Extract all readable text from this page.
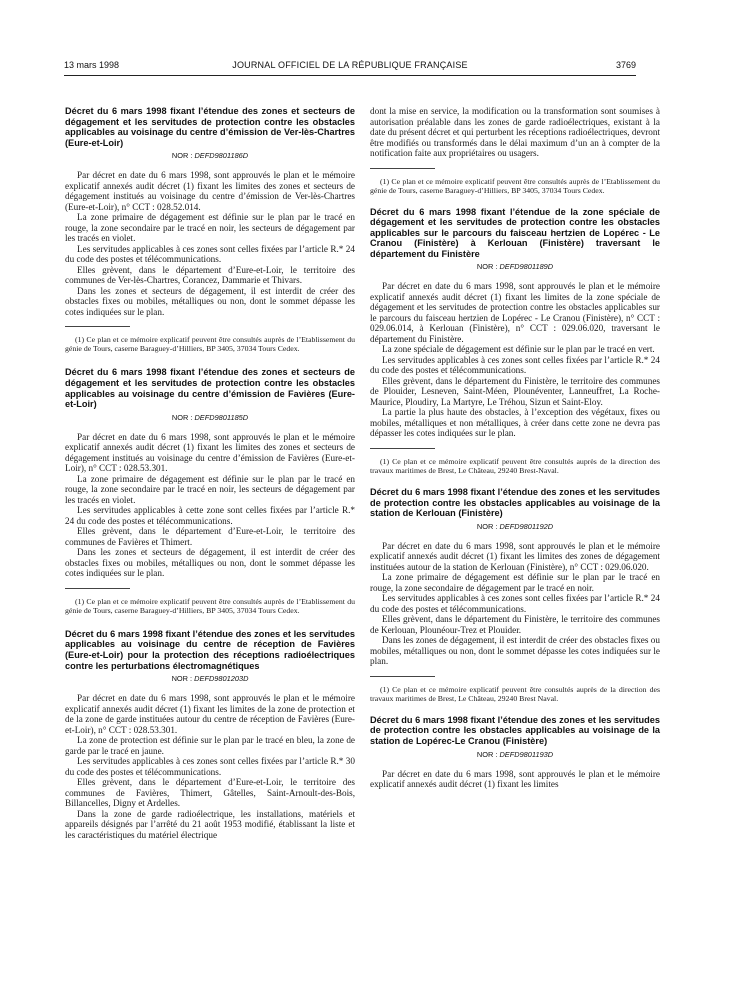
13 mars 1998	JOURNAL OFFICIEL DE LA RÉPUBLIQUE FRANÇAISE	3769

Décret du 6 mars 1998 fixant l’étendue des zones et secteurs de dégagement et les servitudes de protection contre les obstacles applicables au voisinage du centre d’émission de Ver-lès-Chartres (Eure-et-Loir)

NOR : DEFD9801186D

Par décret en date du 6 mars 1998, sont approuvés le plan et le mémoire explicatif annexés audit décret (1) fixant les limites des zones et secteurs de dégagement institués au voisinage du centre d’émission de Ver-lès-Chartres (Eure-et-Loir), n° CCT : 028.52.014.

La zone primaire de dégagement est définie sur le plan par le tracé en rouge, la zone secondaire par le tracé en noir, les secteurs de dégagement par les tracés en violet.

Les servitudes applicables à ces zones sont celles fixées par l’article R.* 24 du code des postes et télécommunications.

Elles grèvent, dans le département d’Eure-et-Loir, le territoire des communes de Ver-lès-Chartres, Corancez, Dammarie et Thivars.

Dans les zones et secteurs de dégagement, il est interdit de créer des obstacles fixes ou mobiles, métalliques ou non, dont le sommet dépasse les cotes indiquées sur le plan.

(1) Ce plan et ce mémoire explicatif peuvent être consultés auprès de l’Etablissement du génie de Tours, caserne Baraguey-d’Hilliers, BP 3405, 37034 Tours Cedex.

Décret du 6 mars 1998 fixant l’étendue des zones et secteurs de dégagement et les servitudes de protection contre les obstacles applicables au voisinage du centre d’émission de Favières (Eure-et-Loir)

NOR : DEFD9801185D

Par décret en date du 6 mars 1998, sont approuvés le plan et le mémoire explicatif annexés audit décret (1) fixant les limites des zones et secteurs de dégagement institués au voisinage du centre d’émission de Favières (Eure-et-Loir), n° CCT : 028.53.301.

La zone primaire de dégagement est définie sur le plan par le tracé en rouge, la zone secondaire par le tracé en noir, les secteurs de dégagement par les tracés en violet.

Les servitudes applicables à cette zone sont celles fixées par l’article R.* 24 du code des postes et télécommunications.

Elles grèvent, dans le département d’Eure-et-Loir, le territoire des communes de Favières et Thimert.

Dans les zones et secteurs de dégagement, il est interdit de créer des obstacles fixes ou mobiles, métalliques ou non, dont le sommet dépasse les cotes indiquées sur le plan.

(1) Ce plan et ce mémoire explicatif peuvent être consultés auprès de l’Etablissement du génie de Tours, caserne Baraguey-d’Hilliers, BP 3405, 37034 Tours Cedex.

Décret du 6 mars 1998 fixant l’étendue des zones et les servitudes applicables au voisinage du centre de réception de Favières (Eure-et-Loir) pour la protection des réceptions radioélectriques contre les perturbations électromagnétiques

NOR : DEFD9801203D

Par décret en date du 6 mars 1998, sont approuvés le plan et le mémoire explicatif annexés audit décret (1) fixant les limites de la zone de protection et de la zone de garde instituées autour du centre de réception de Favières (Eure-et-Loir), n° CCT : 028.53.301.

La zone de protection est définie sur le plan par le tracé en bleu, la zone de garde par le tracé en jaune.

Les servitudes applicables à ces zones sont celles fixées par l’article R.* 30 du code des postes et télécommunications.

Elles grèvent, dans le département d’Eure-et-Loir, le territoire des communes de Favières, Thimert, Gâtelles, Saint-Arnoult-des-Bois, Billancelles, Digny et Ardelles.

Dans la zone de garde radioélectrique, les installations, matériels et appareils désignés par l’arrêté du 21 août 1953 modifié, établissant la liste et les caractéristiques du matériel électrique

dont la mise en service, la modification ou la transformation sont soumises à autorisation préalable dans les zones de garde radioélectriques, existant à la date du présent décret et qui perturbent les réceptions radioélectriques, devront être modifiés ou transformés dans le délai maximum d’un an à compter de la notification faite aux propriétaires ou usagers.

(1) Ce plan et ce mémoire explicatif peuvent être consultés auprès de l’Etablissement du génie de Tours, caserne Baraguey-d’Hilliers, BP 3405, 37034 Tours Cedex.

Décret du 6 mars 1998 fixant l’étendue de la zone spéciale de dégagement et les servitudes de protection contre les obstacles applicables sur le parcours du faisceau hertzien de Lopérec - Le Cranou (Finistère) à Kerlouan (Finistère) traversant le département du Finistère

NOR : DEFD9801189D

Par décret en date du 6 mars 1998, sont approuvés le plan et le mémoire explicatif annexés audit décret (1) fixant les limites de la zone spéciale de dégagement et les servitudes de protection contre les obstacles applicables sur le parcours du faisceau hertzien de Lopérec - Le Cranou (Finistère), n° CCT : 029.06.014, à Kerlouan (Finistère), n° CCT : 029.06.020, traversant le département du Finistère.

La zone spéciale de dégagement est définie sur le plan par le tracé en vert.

Les servitudes applicables à ces zones sont celles fixées par l’article R.* 24 du code des postes et télécommunications.

Elles grèvent, dans le département du Finistère, le territoire des communes de Plouider, Lesneven, Saint-Méen, Plounéventer, Lanneuffret, La Roche-Maurice, Ploudiry, La Martyre, Le Tréhou, Sizun et Saint-Eloy.

La partie la plus haute des obstacles, à l’exception des végétaux, fixes ou mobiles, métalliques et non métalliques, à créer dans cette zone ne devra pas dépasser les cotes indiquées sur le plan.

(1) Ce plan et ce mémoire explicatif peuvent être consultés auprès de la direction des travaux maritimes de Brest, Le Château, 29240 Brest-Naval.

Décret du 6 mars 1998 fixant l’étendue des zones et les servitudes de protection contre les obstacles applicables au voisinage de la station de Kerlouan (Finistère)

NOR : DEFD9801192D

Par décret en date du 6 mars 1998, sont approuvés le plan et le mémoire explicatif annexés audit décret (1) fixant les limites des zones de dégagement instituées autour de la station de Kerlouan (Finistère), n° CCT : 029.06.020.

La zone primaire de dégagement est définie sur le plan par le tracé en rouge, la zone secondaire de dégagement par le tracé en noir.

Les servitudes applicables à ces zones sont celles fixées par l’article R.* 24 du code des postes et télécommunications.

Elles grèvent, dans le département du Finistère, le territoire des communes de Kerlouan, Plounéour-Trez et Plouider.

Dans les zones de dégagement, il est interdit de créer des obstacles fixes ou mobiles, métalliques ou non, dont le sommet dépasse les cotes indiquées sur le plan.

(1) Ce plan et ce mémoire explicatif peuvent être consultés auprès de la direction des travaux maritimes de Brest, Le Château, 29240 Brest Naval.

Décret du 6 mars 1998 fixant l’étendue des zones et les servitudes de protection contre les obstacles applicables au voisinage de la station de Lopérec-Le Cranou (Finistère)

NOR : DEFD9801193D

Par décret en date du 6 mars 1998, sont approuvés le plan et le mémoire explicatif annexés audit décret (1) fixant les limites
